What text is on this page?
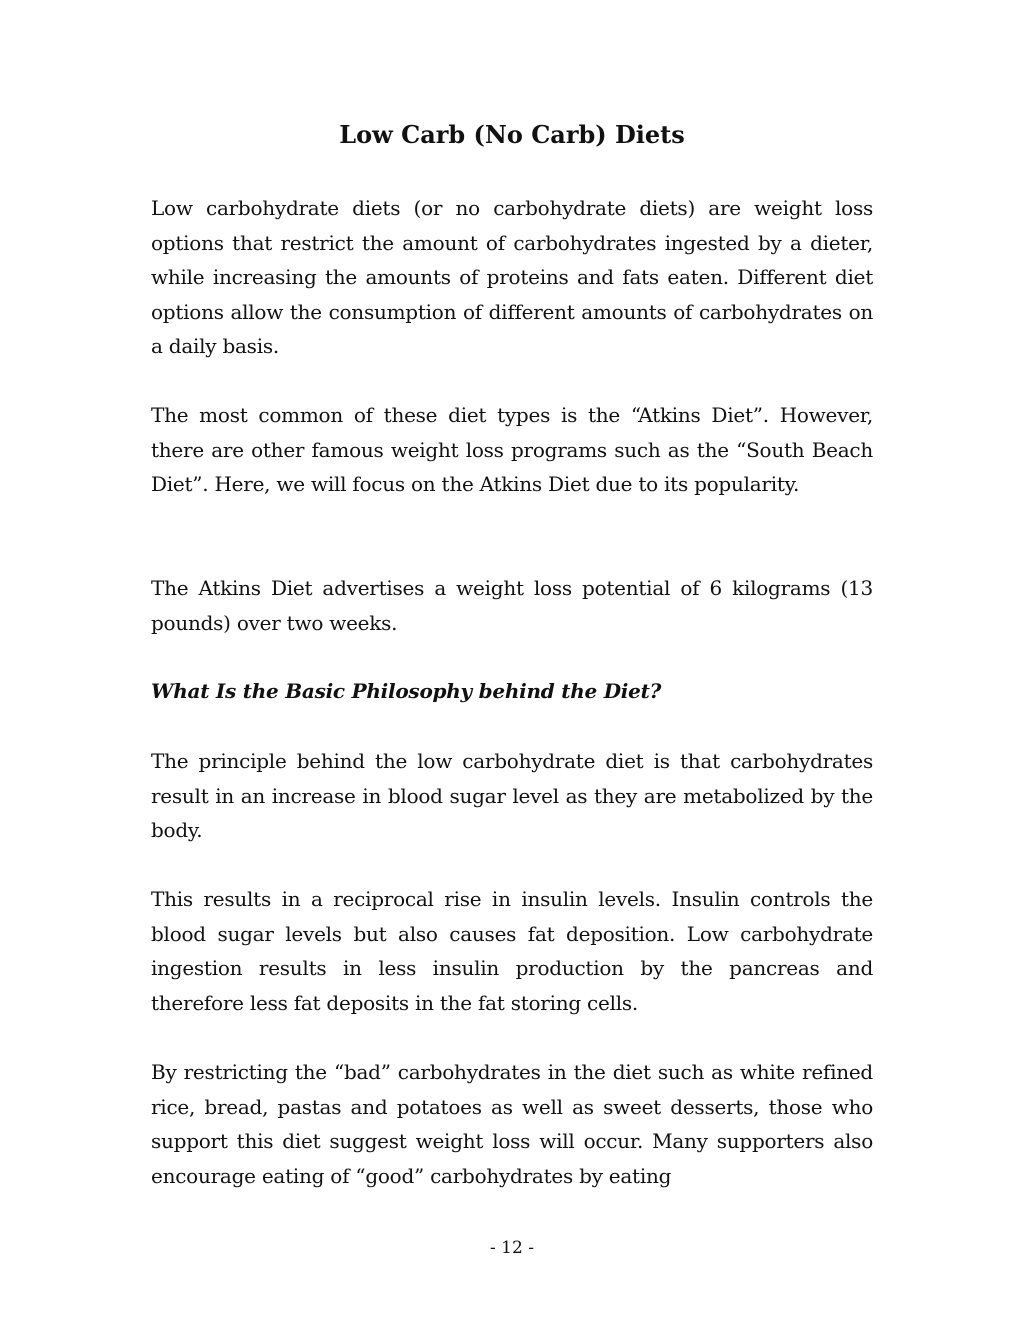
Low Carb (No Carb) Diets

Low carbohydrate diets (or no carbohydrate diets) are weight loss options that restrict the amount of carbohydrates ingested by a dieter, while increasing the amounts of proteins and fats eaten. Different diet options allow the consumption of different amounts of carbohydrates on a daily basis.

The most common of these diet types is the “Atkins Diet”. However, there are other famous weight loss programs such as the “South Beach Diet”. Here, we will focus on the Atkins Diet due to its popularity.

The Atkins Diet advertises a weight loss potential of 6 kilograms (13 pounds) over two weeks.

What Is the Basic Philosophy behind the Diet?

The principle behind the low carbohydrate diet is that carbohydrates result in an increase in blood sugar level as they are metabolized by the body.

This results in a reciprocal rise in insulin levels. Insulin controls the blood sugar levels but also causes fat deposition. Low carbohydrate ingestion results in less insulin production by the pancreas and therefore less fat deposits in the fat storing cells.

By restricting the “bad” carbohydrates in the diet such as white refined rice, bread, pastas and potatoes as well as sweet desserts, those who support this diet suggest weight loss will occur. Many supporters also encourage eating of “good” carbohydrates by eating

- 12 -
